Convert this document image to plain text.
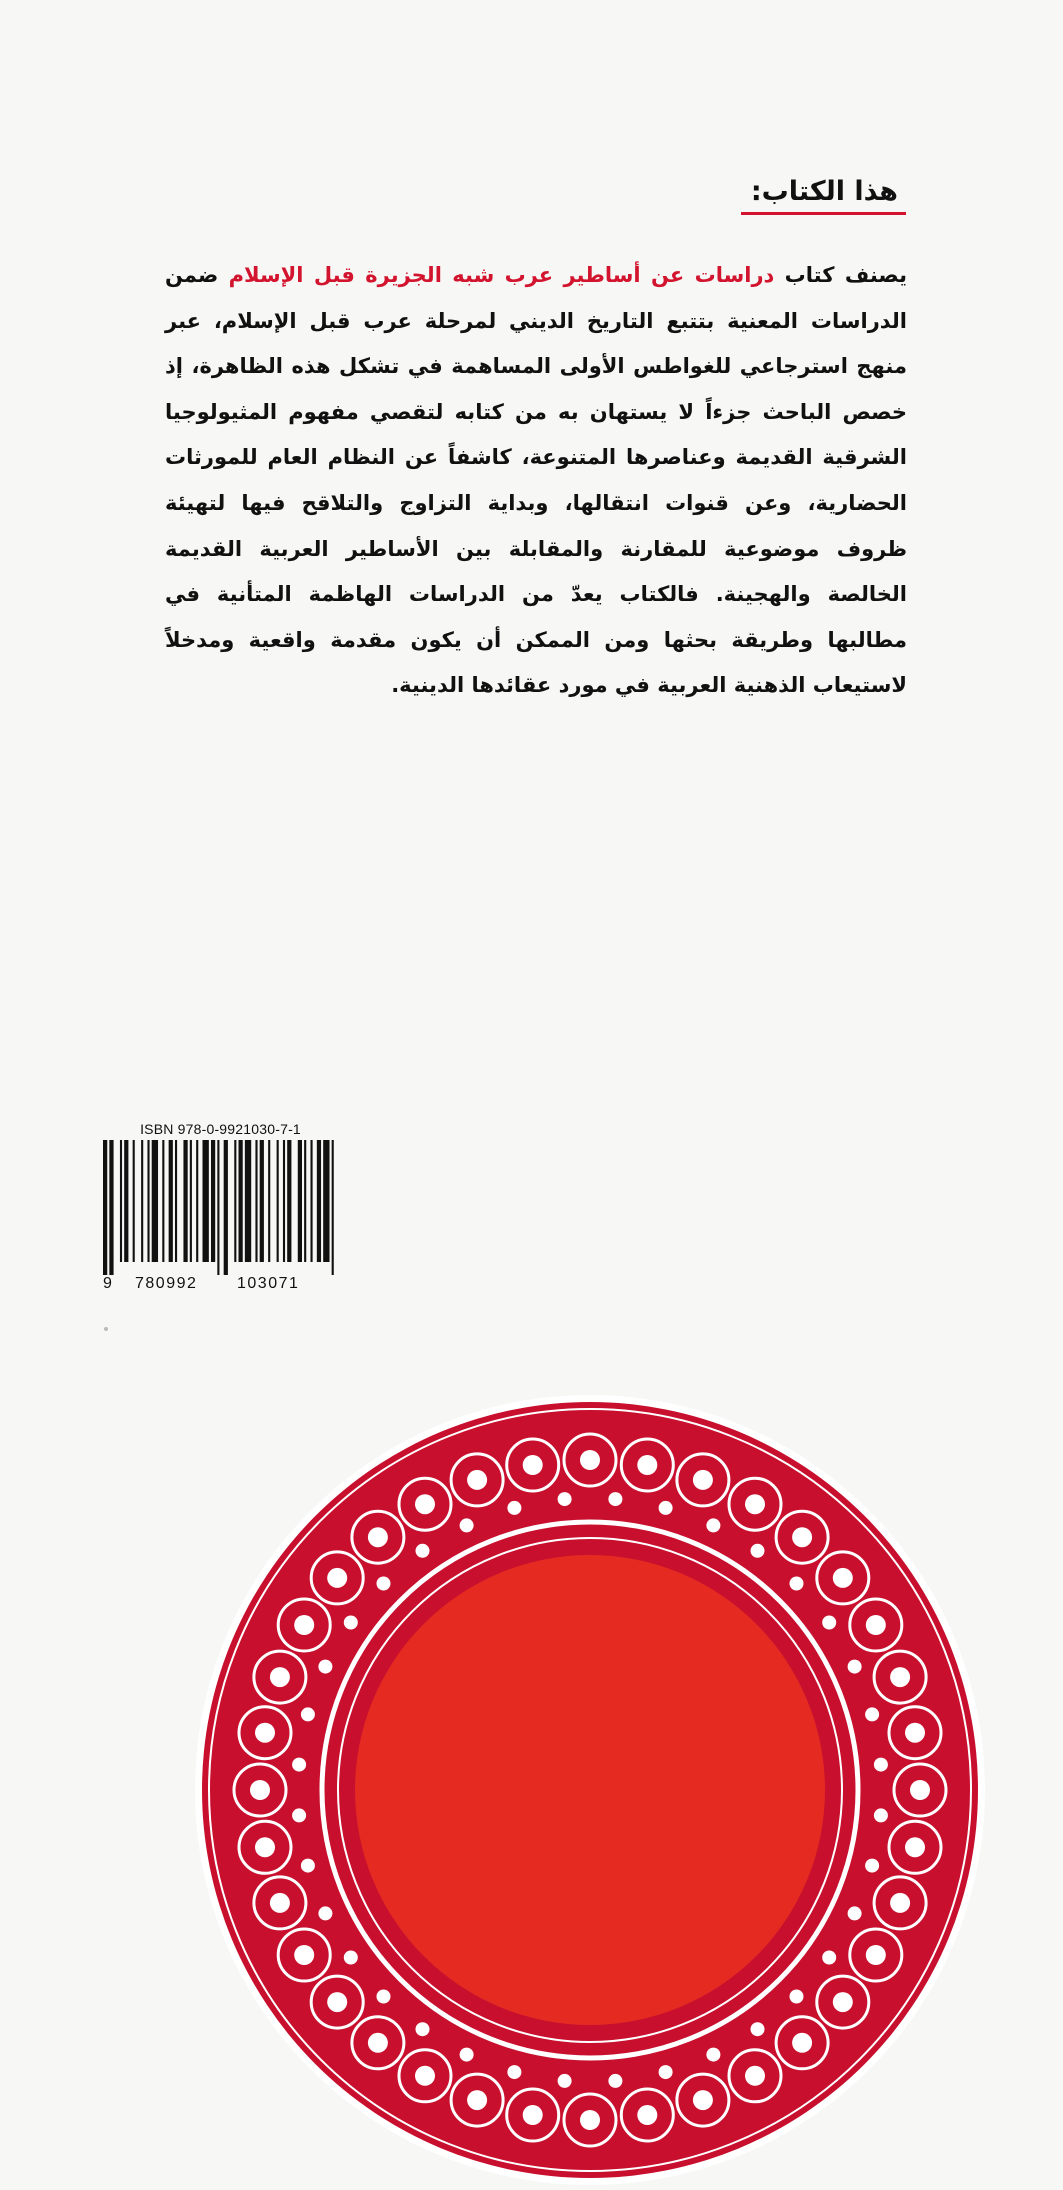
هذا الكتاب:

يصنف كتاب دراسات عن أساطير عرب شبه الجزيرة قبل الإسلام ضمن الدراسات المعنية بتتبع التاريخ الديني لمرحلة عرب قبل الإسلام، عبر منهج استرجاعي للغواطس الأولى المساهمة في تشكل هذه الظاهرة، إذ خصص الباحث جزءاً لا يستهان به من كتابه لتقصي مفهوم المثيولوجيا الشرقية القديمة وعناصرها المتنوعة، كاشفاً عن النظام العام للمورثات الحضارية، وعن قنوات انتقالها، وبداية التزاوج والتلاقح فيها لتهيئة ظروف موضوعية للمقارنة والمقابلة بين الأساطير العربية القديمة الخالصة والهجينة. فالكتاب يعدّ من الدراسات الهاظمة المتأنية في مطالبها وطريقة بحثها ومن الممكن أن يكون مقدمة واقعية ومدخلاً لاستيعاب الذهنية العربية في مورد عقائدها الدينية.

ISBN 978-0-9921030-7-1
9 780992 103071
